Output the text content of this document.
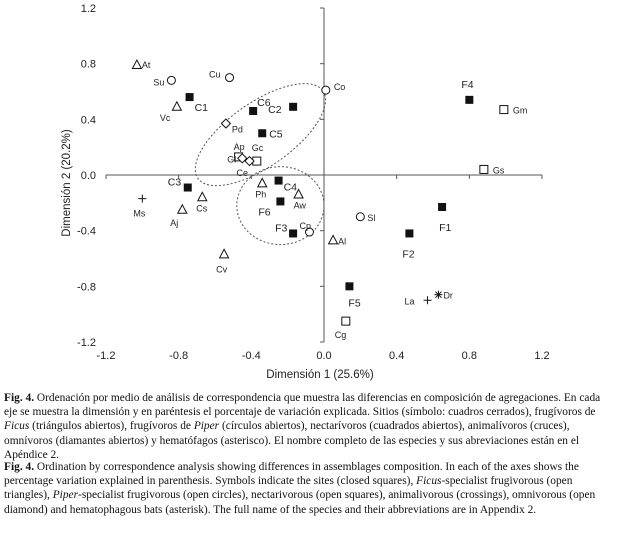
-1.2	-0.8	-0.4	0.0	0.4	0.8	1.2
1.2
0.8
0.4
0.0
-0.4
-0.8
-1.2
At
Su
Cu
Co	F4
C1
Vc
C6
C2	Gm
Pd	C5
Ap Gc
Gl
Ce	Gs
C3
Ph
C4
Aw
Cs
Ms	F6
Aj	F1
Sl
F3 Cp
F2
Al
Cv
F5
Dr
La
Cg
Dimensión 1 (25.6%)
Dimensión 2 (20.2%)
Fig. 4. Ordenación por medio de análisis de correspondencia que muestra las diferencias en composición de agregaciones. En cada eje se muestra la dimensión y en paréntesis el porcentaje de variación explicada. Sitios (símbolo: cuadros cerrados), frugívoros de Ficus (triángulos abiertos), frugívoros de Piper (círculos abiertos), nectarívoros (cuadrados abiertos), animalívoros (cruces), omnívoros (diamantes abiertos) y hematófagos (asterisco). El nombre completo de las especies y sus abreviaciones están en el Apéndice 2.
Fig. 4. Ordination by correspondence analysis showing differences in assemblages composition. In each of the axes shows the percentage variation explained in parenthesis. Symbols indicate the sites (closed squares), Ficus-specialist frugivorous (open triangles), Piper-specialist frugivorous (open circles), nectarivorous (open squares), animalivorous (crossings), omnivorous (open diamond) and hematophagous bats (asterisk). The full name of the species and their abbreviations are in Appendix 2.
